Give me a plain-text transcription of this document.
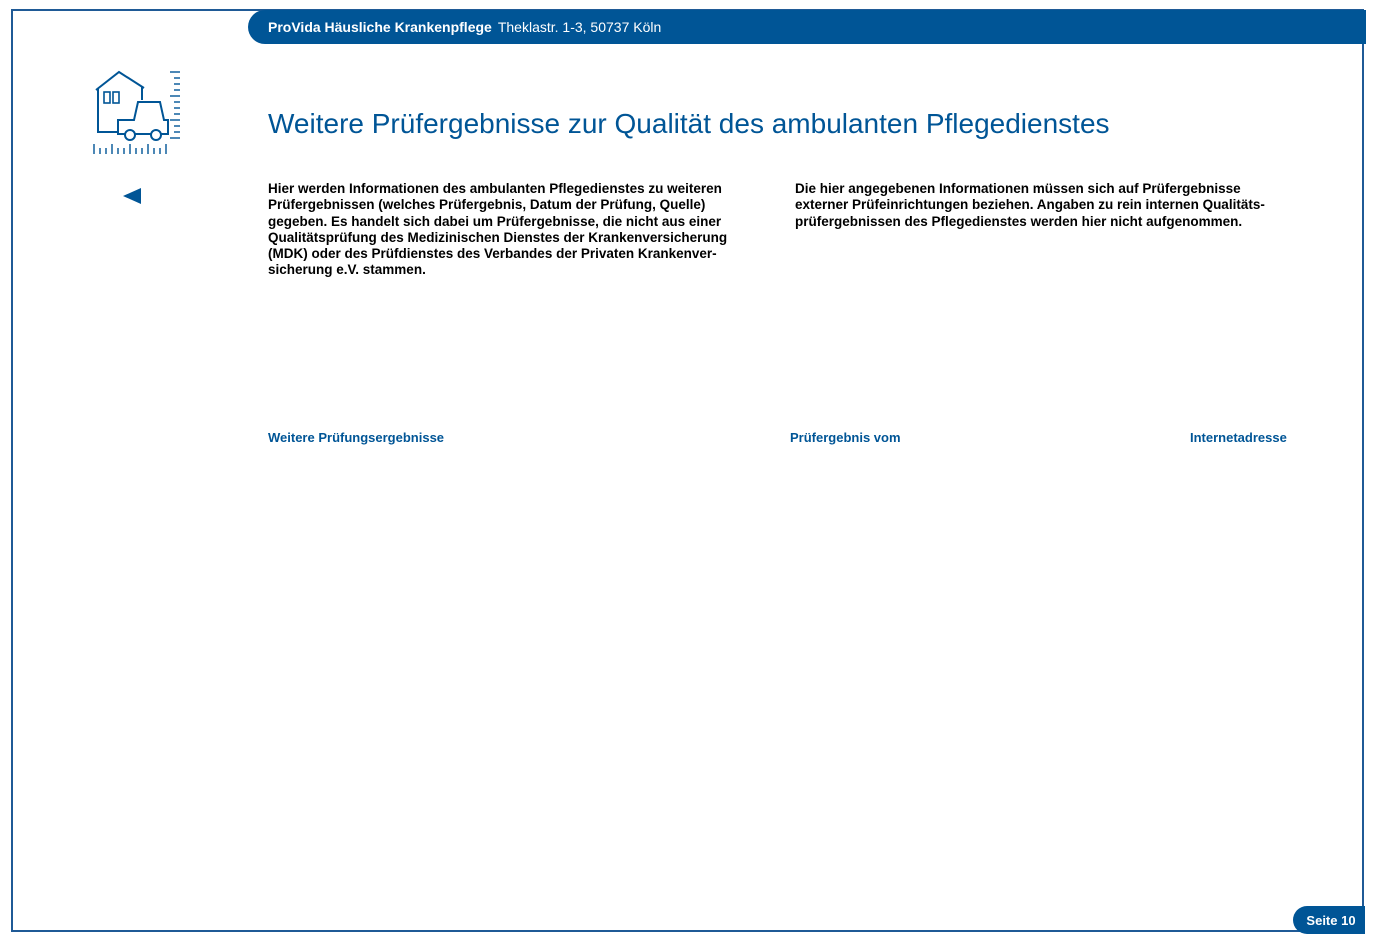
ProVida Häusliche Krankenpflege Theklastr. 1-3, 50737 Köln
Weitere Prüfergebnisse zur Qualität des ambulanten Pflegedienstes

Hier werden Informationen des ambulanten Pflegedienstes zu weiteren
Prüfergebnissen (welches Prüfergebnis, Datum der Prüfung, Quelle)
gegeben. Es handelt sich dabei um Prüfergebnisse, die nicht aus einer
Qualitätsprüfung des Medizinischen Dienstes der Krankenversicherung
(MDK) oder des Prüfdienstes des Verbandes der Privaten Krankenver-
sicherung e.V. stammen.

Die hier angegebenen Informationen müssen sich auf Prüfergebnisse
externer Prüfeinrichtungen beziehen. Angaben zu rein internen Qualitäts-
prüfergebnissen des Pflegedienstes werden hier nicht aufgenommen.

Weitere Prüfungsergebnisse	Prüfergebnis vom	Internetadresse
Seite 10
